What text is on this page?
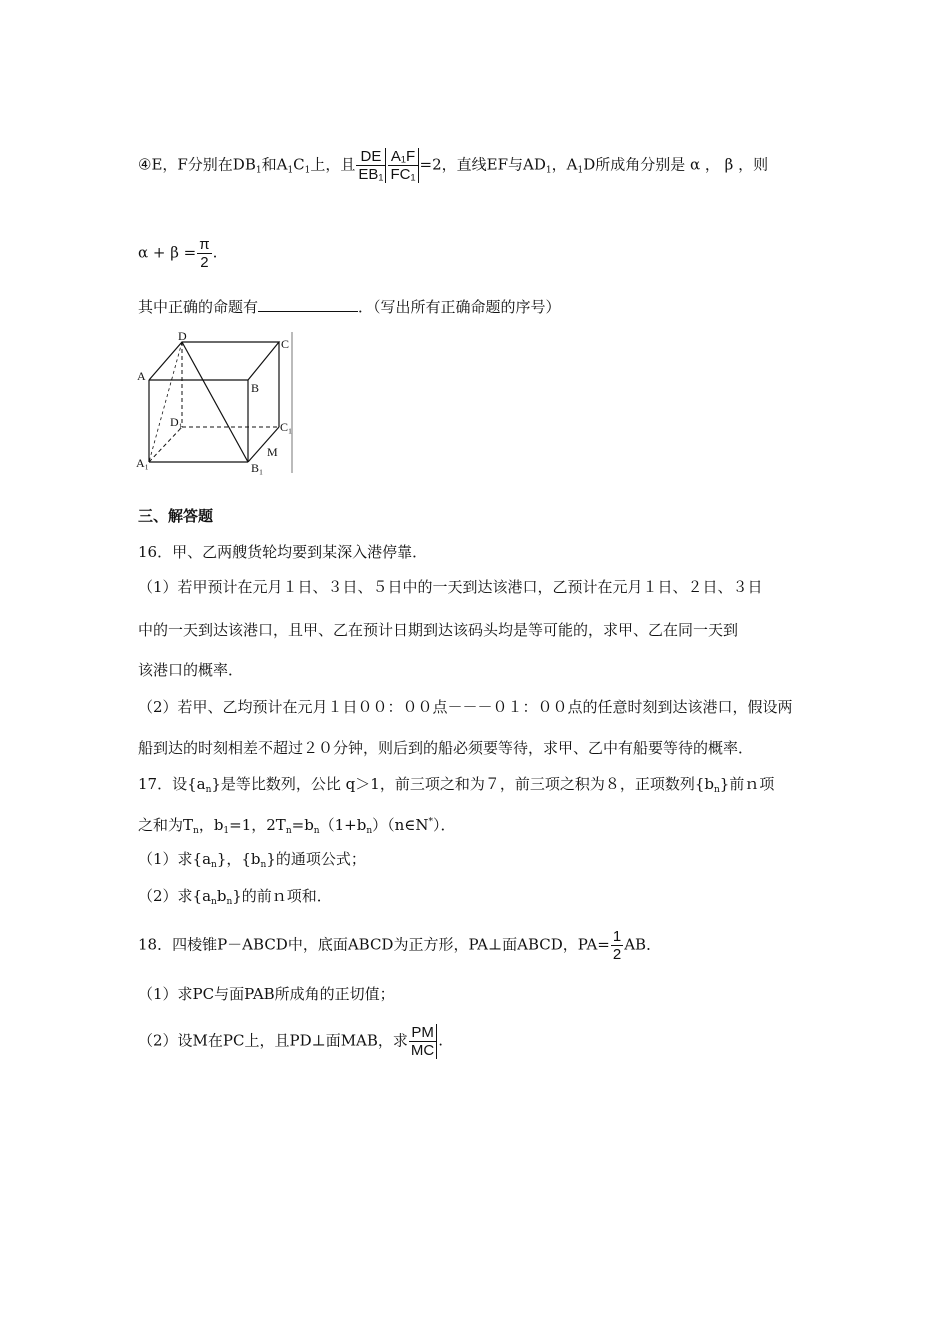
④E，F分别在$DB_1$和$A_1C_1$上，且 $\frac{DE}{\text{EB₁}} \frac{\text{A₁F}}{\text{FC₁}} =2$，直线EF与$AD_1$，$A_1D$所成角分别是 α ， β ，则
$\alpha + \beta = \frac{\pi}{2}$ .
其中正确的命题有	．（写出所有正确命题的序号）
D
C
A
B
D₁	C₁
A₁	B₁
M
三、解答题
16．甲、乙两艘货轮均要到某深入港停靠．
（1）若甲预计在元月１日、３日、５日中的一天到达该港口，乙预计在元月１日、２日、３日
中的一天到达该港口，且甲、乙在预计日期到达该码头均是等可能的，求甲、乙在同一天到
该港口的概率．
（2）若甲、乙均预计在元月１日００：００点－－－０１：００点的任意时刻到达该港口，假设两
船到达的时刻相差不超过２０分钟，则后到的船必须要等待，求甲、乙中有船要等待的概率．
17．设$\{a_n\}$是等比数列，公比 q＞1，前三项之和为７，前三项之积为８，正项数列$\{b_n\}$前ｎ项
之和为$T_n$，$b_1=1$，$2T_n=b_n(1+b_n)(n\in N^*)$．
（1）求$\{a_n\}$，$\{b_n\}$的通项公式；
（2）求$\{a_nb_n\}$的前ｎ项和．
18．四棱锥P－ABCD中，底面ABCD为正方形，PA⊥面ABCD，$PA= \frac{1}{2}$ AB．
（1）求PC与面PAB所成角的正切值；
（2）设M在PC上，且PD⊥面MAB，求 $\frac{PM}{MC}$ .
